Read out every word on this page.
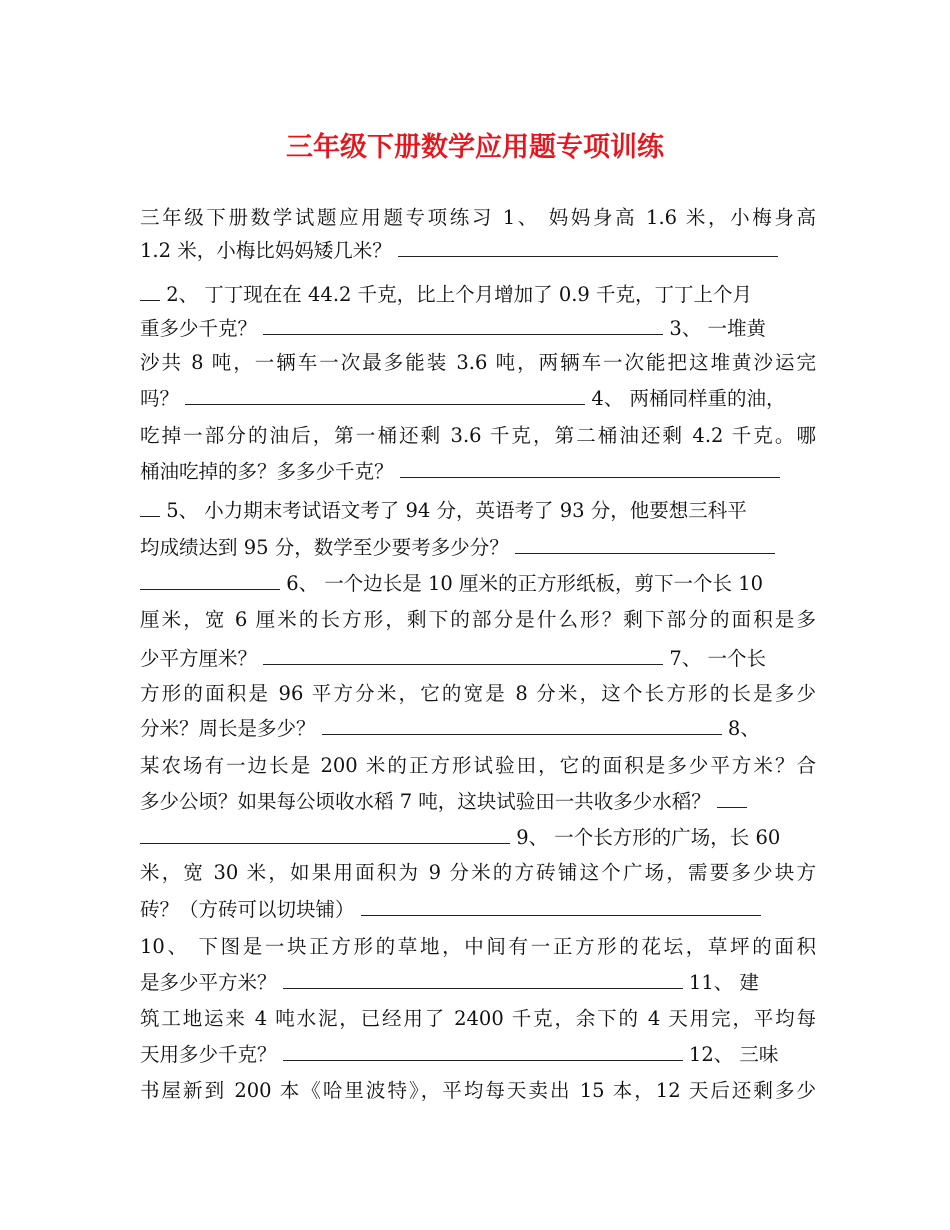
三年级下册数学应用题专项训练
三年级下册数学试题应用题专项练习 1、 妈妈身高 1.6 米，小梅身高
1.2 米，小梅比妈妈矮几米？
2、 丁丁现在在 44.2 千克，比上个月增加了 0.9 千克，丁丁上个月
重多少千克？	3、 一堆黄
沙共 8 吨，一辆车一次最多能装 3.6 吨，两辆车一次能把这堆黄沙运完
吗？	4、 两桶同样重的油，
吃掉一部分的油后，第一桶还剩 3.6 千克，第二桶油还剩 4.2 千克。哪
桶油吃掉的多？多多少千克？
5、 小力期末考试语文考了 94 分，英语考了 93 分，他要想三科平
均成绩达到 95 分，数学至少要考多少分？
6、 一个边长是 10 厘米的正方形纸板，剪下一个长 10
厘米，宽 6 厘米的长方形，剩下的部分是什么形？剩下部分的面积是多
少平方厘米？	7、 一个长
方形的面积是 96 平方分米，它的宽是 8 分米，这个长方形的长是多少
分米？周长是多少？	8、
某农场有一边长是 200 米的正方形试验田，它的面积是多少平方米？合
多少公顷？如果每公顷收水稻 7 吨，这块试验田一共收多少水稻？
9、 一个长方形的广场，长 60
米，宽 30 米，如果用面积为 9 分米的方砖铺这个广场，需要多少块方
砖？（方砖可以切块铺）
10、 下图是一块正方形的草地，中间有一正方形的花坛，草坪的面积
是多少平方米？	11、 建
筑工地运来 4 吨水泥，已经用了 2400 千克，余下的 4 天用完，平均每
天用多少千克？	12、 三味
书屋新到 200 本《哈里波特》，平均每天卖出 15 本，12 天后还剩多少
